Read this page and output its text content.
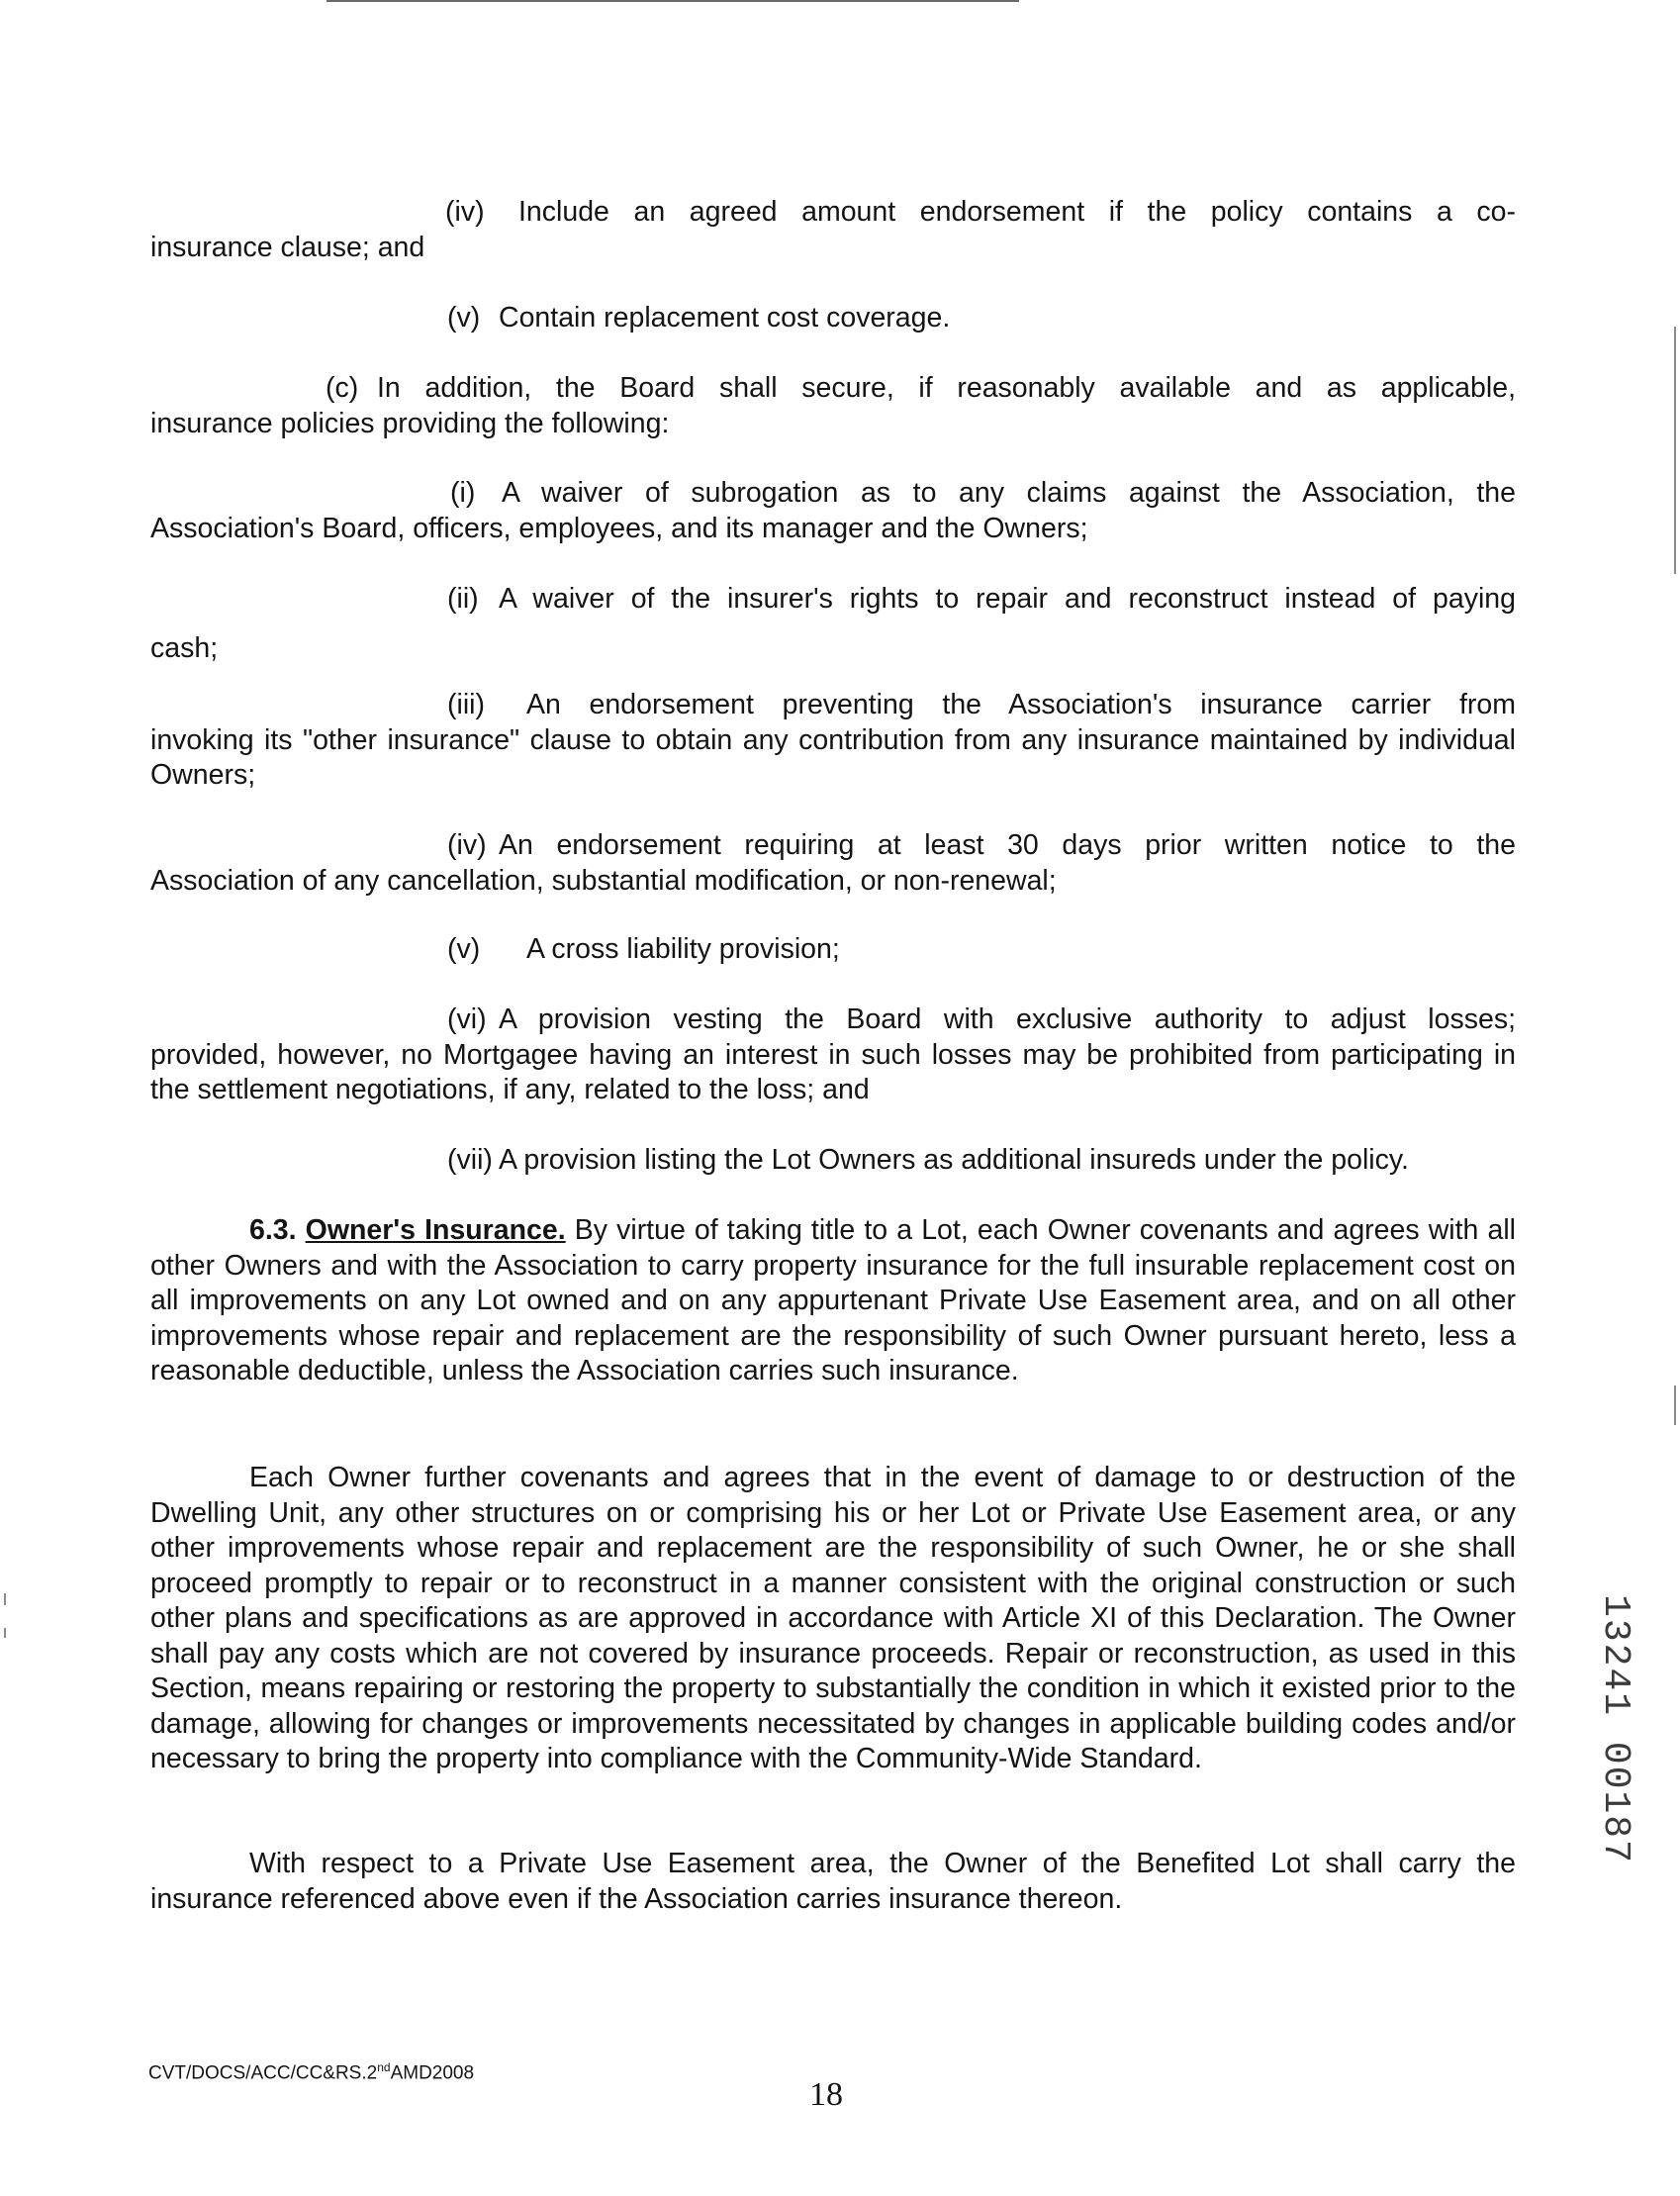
(iv) Include an agreed amount endorsement if the policy contains a co-
insurance clause; and
(v) Contain replacement cost coverage.
(c) In addition, the Board shall secure, if reasonably available and as applicable,
insurance policies providing the following:
(i) A waiver of subrogation as to any claims against the Association, the
Association's Board, officers, employees, and its manager and the Owners;
(ii) A waiver of the insurer's rights to repair and reconstruct instead of paying
cash;
(iii) An endorsement preventing the Association's insurance carrier from
invoking its "other insurance" clause to obtain any contribution from any insurance maintained by individual Owners;
(iv) An endorsement requiring at least 30 days prior written notice to the
Association of any cancellation, substantial modification, or non-renewal;
(v) A cross liability provision;
(vi) A provision vesting the Board with exclusive authority to adjust losses;
provided, however, no Mortgagee having an interest in such losses may be prohibited from participating in the settlement negotiations, if any, related to the loss; and
(vii) A provision listing the Lot Owners as additional insureds under the policy.
6.3. Owner's Insurance. By virtue of taking title to a Lot, each Owner covenants and agrees with all other Owners and with the Association to carry property insurance for the full insurable replacement cost on all improvements on any Lot owned and on any appurtenant Private Use Easement area, and on all other improvements whose repair and replacement are the responsibility of such Owner pursuant hereto, less a reasonable deductible, unless the Association carries such insurance.
Each Owner further covenants and agrees that in the event of damage to or destruction of the Dwelling Unit, any other structures on or comprising his or her Lot or Private Use Easement area, or any other improvements whose repair and replacement are the responsibility of such Owner, he or she shall proceed promptly to repair or to reconstruct in a manner consistent with the original construction or such other plans and specifications as are approved in accordance with Article XI of this Declaration. The Owner shall pay any costs which are not covered by insurance proceeds. Repair or reconstruction, as used in this Section, means repairing or restoring the property to substantially the condition in which it existed prior to the damage, allowing for changes or improvements necessitated by changes in applicable building codes and/or necessary to bring the property into compliance with the Community-Wide Standard.
With respect to a Private Use Easement area, the Owner of the Benefited Lot shall carry the insurance referenced above even if the Association carries insurance thereon.
CVT/DOCS/ACC/CC&RS.2ndAMD2008
18
13241 00187
